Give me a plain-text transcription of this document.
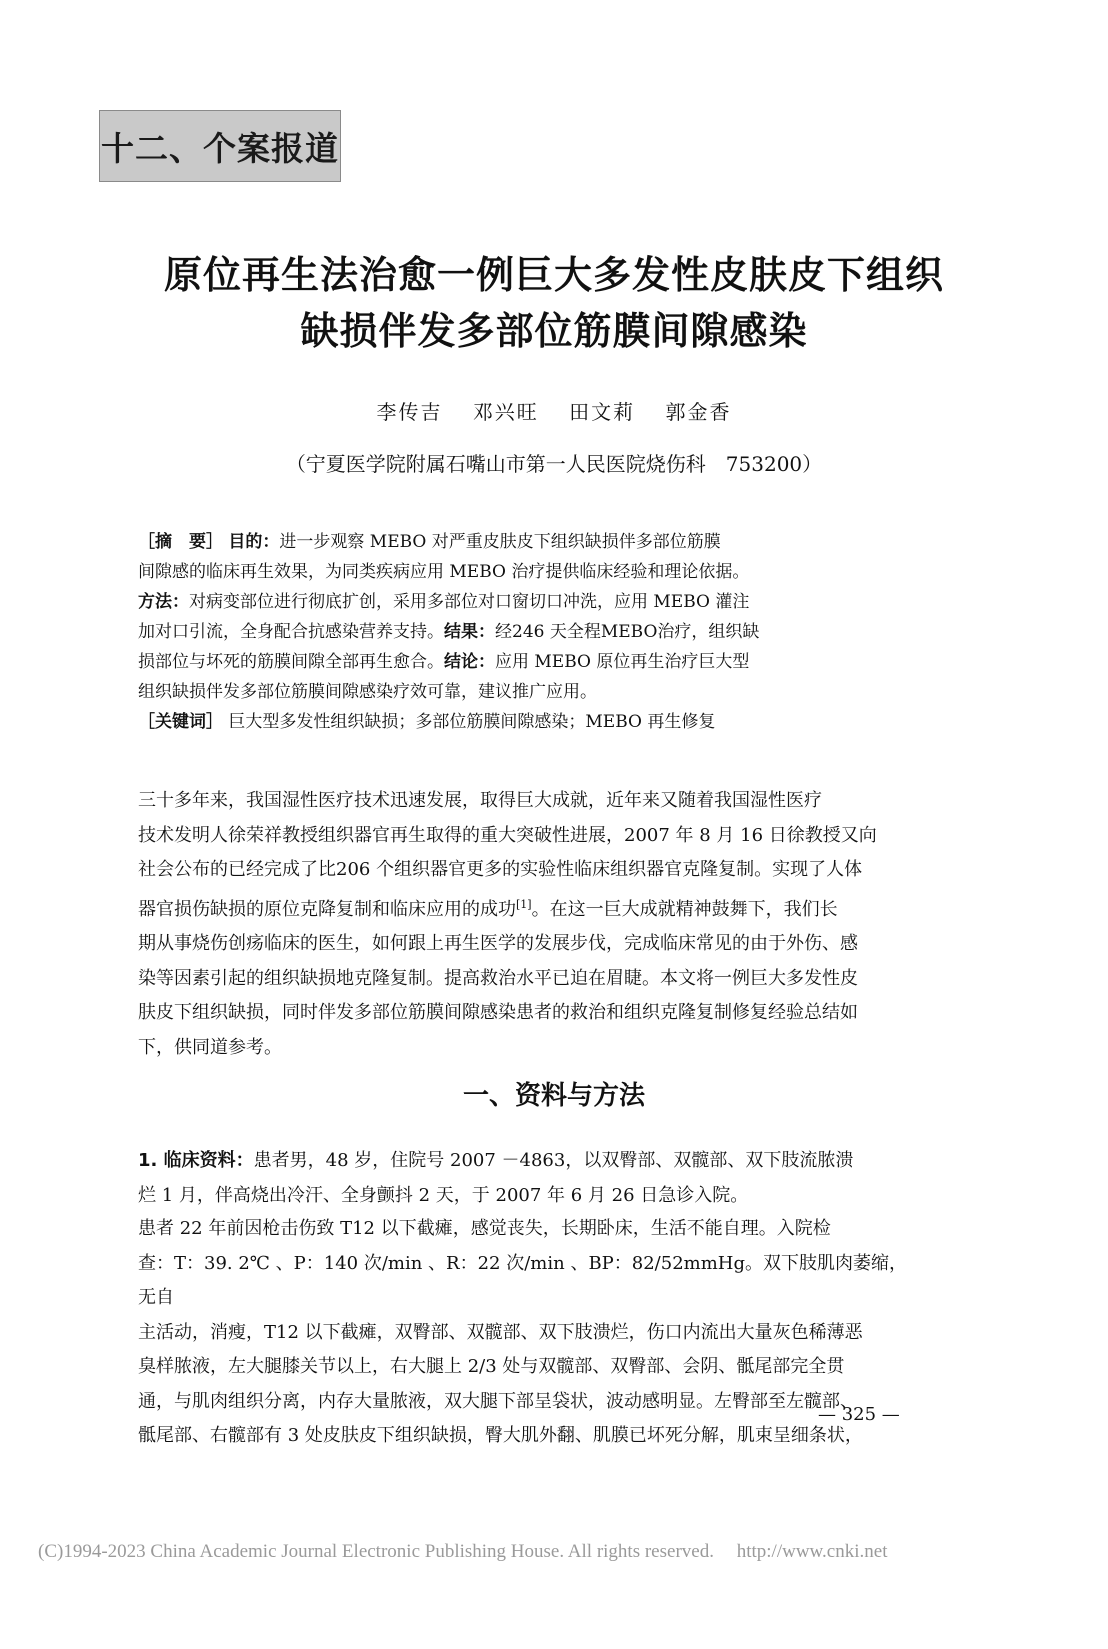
十二、个案报道
原位再生法治愈一例巨大多发性皮肤皮下组织
缺损伴发多部位筋膜间隙感染
李传吉 邓兴旺 田文莉 郭金香
（宁夏医学院附属石嘴山市第一人民医院烧伤科　753200）
［摘　要］ 目的：进一步观察 MEBO 对严重皮肤皮下组织缺损伴多部位筋膜
间隙感的临床再生效果，为同类疾病应用 MEBO 治疗提供临床经验和理论依据。
方法：对病变部位进行彻底扩创，采用多部位对口窗切口冲洗，应用 MEBO 灌注
加对口引流，全身配合抗感染营养支持。结果：经246 天全程MEBO治疗，组织缺
损部位与坏死的筋膜间隙全部再生愈合。结论：应用 MEBO 原位再生治疗巨大型
组织缺损伴发多部位筋膜间隙感染疗效可靠，建议推广应用。
［关键词］ 巨大型多发性组织缺损；多部位筋膜间隙感染；MEBO 再生修复

三十多年来，我国湿性医疗技术迅速发展，取得巨大成就，近年来又随着我国湿性医疗

技术发明人徐荣祥教授组织器官再生取得的重大突破性进展，2007 年 8 月 16 日徐教授又向

社会公布的已经完成了比206 个组织器官更多的实验性临床组织器官克隆复制。实现了人体

器官损伤缺损的原位克降复制和临床应用的成功[1]。在这一巨大成就精神鼓舞下，我们长

期从事烧伤创疡临床的医生，如何跟上再生医学的发展步伐，完成临床常见的由于外伤、感

染等因素引起的组织缺损地克隆复制。提高救治水平已迫在眉睫。本文将一例巨大多发性皮

肤皮下组织缺损，同时伴发多部位筋膜间隙感染患者的救治和组织克隆复制修复经验总结如

下，供同道参考。

一、资料与方法

1. 临床资料：患者男，48 岁，住院号 2007 －4863，以双臀部、双髋部、双下肢流脓溃

烂 1 月，伴高烧出冷汗、全身颤抖 2 天，于 2007 年 6 月 26 日急诊入院。

患者 22 年前因枪击伤致 T12 以下截瘫，感觉丧失，长期卧床，生活不能自理。入院检

查：T：39. 2℃ 、P：140 次/min 、R：22 次/min 、BP：82/52mmHg。双下肢肌肉萎缩，无自

主活动，消瘦，T12 以下截瘫，双臀部、双髋部、双下肢溃烂，伤口内流出大量灰色稀薄恶

臭样脓液，左大腿膝关节以上，右大腿上 2/3 处与双髋部、双臀部、会阴、骶尾部完全贯

通，与肌肉组织分离，内存大量脓液，双大腿下部呈袋状，波动感明显。左臀部至左髋部、

骶尾部、右髋部有 3 处皮肤皮下组织缺损，臀大肌外翻、肌膜已坏死分解，肌束呈细条状，

— 325 —
(C)1994-2023 China Academic Journal Electronic Publishing House. All rights reserved. http://www.cnki.net
